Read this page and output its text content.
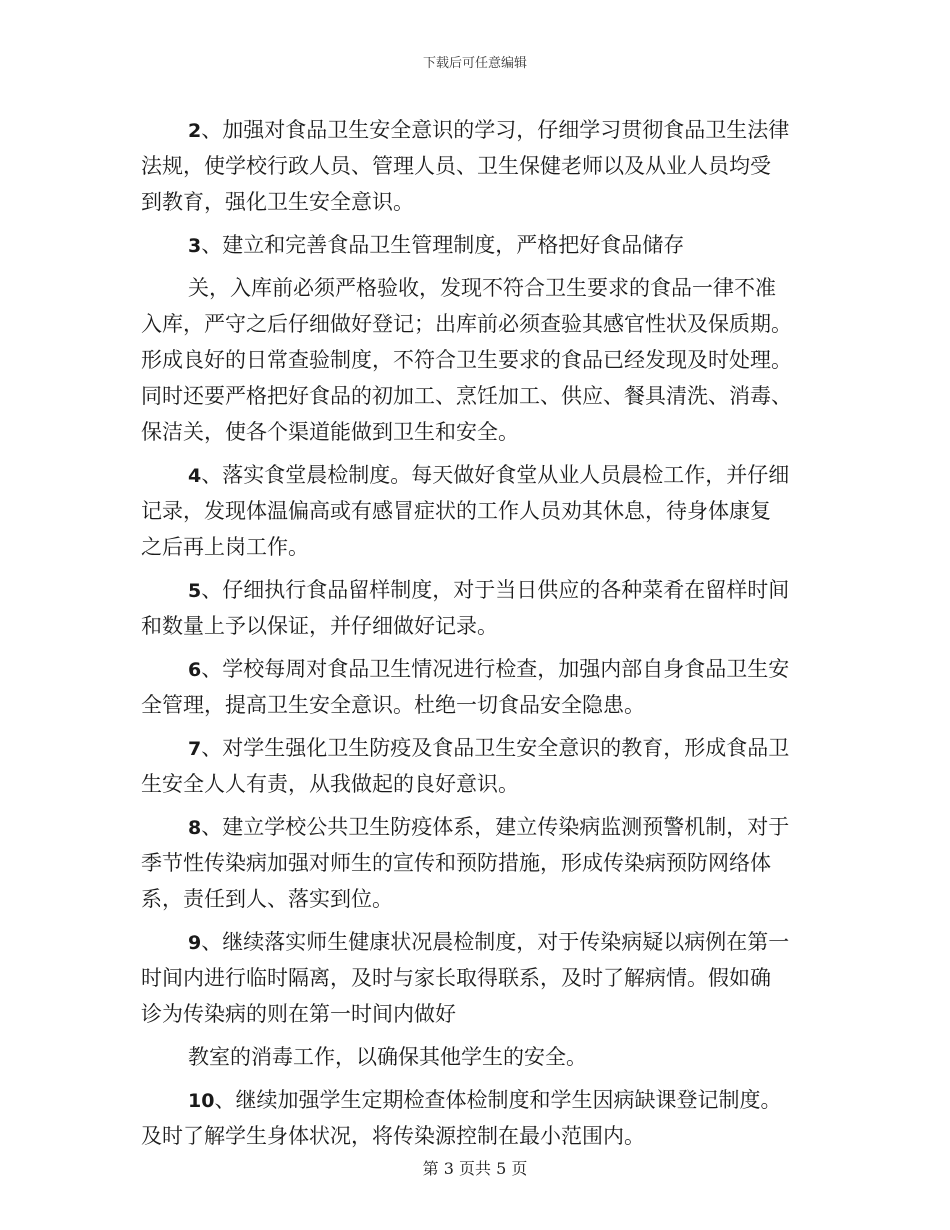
下载后可任意编辑
2、加强对食品卫生安全意识的学习，仔细学习贯彻食品卫生法律
法规，使学校行政人员、管理人员、卫生保健老师以及从业人员均受
到教育，强化卫生安全意识。
3、建立和完善食品卫生管理制度，严格把好食品储存
关，入库前必须严格验收，发现不符合卫生要求的食品一律不准
入库，严守之后仔细做好登记；出库前必须查验其感官性状及保质期。
形成良好的日常查验制度，不符合卫生要求的食品已经发现及时处理。
同时还要严格把好食品的初加工、烹饪加工、供应、餐具清洗、消毒、
保洁关，使各个渠道能做到卫生和安全。
4、落实食堂晨检制度。每天做好食堂从业人员晨检工作，并仔细
记录，发现体温偏高或有感冒症状的工作人员劝其休息，待身体康复
之后再上岗工作。
5、仔细执行食品留样制度，对于当日供应的各种菜肴在留样时间
和数量上予以保证，并仔细做好记录。
6、学校每周对食品卫生情况进行检查，加强内部自身食品卫生安
全管理，提高卫生安全意识。杜绝一切食品安全隐患。
7、对学生强化卫生防疫及食品卫生安全意识的教育，形成食品卫
生安全人人有责，从我做起的良好意识。
8、建立学校公共卫生防疫体系，建立传染病监测预警机制，对于
季节性传染病加强对师生的宣传和预防措施，形成传染病预防网络体
系，责任到人、落实到位。
9、继续落实师生健康状况晨检制度，对于传染病疑以病例在第一
时间内进行临时隔离，及时与家长取得联系，及时了解病情。假如确
诊为传染病的则在第一时间内做好
教室的消毒工作，以确保其他学生的安全。
10、继续加强学生定期检查体检制度和学生因病缺课登记制度。
及时了解学生身体状况，将传染源控制在最小范围内。
第 3 页共 5 页
